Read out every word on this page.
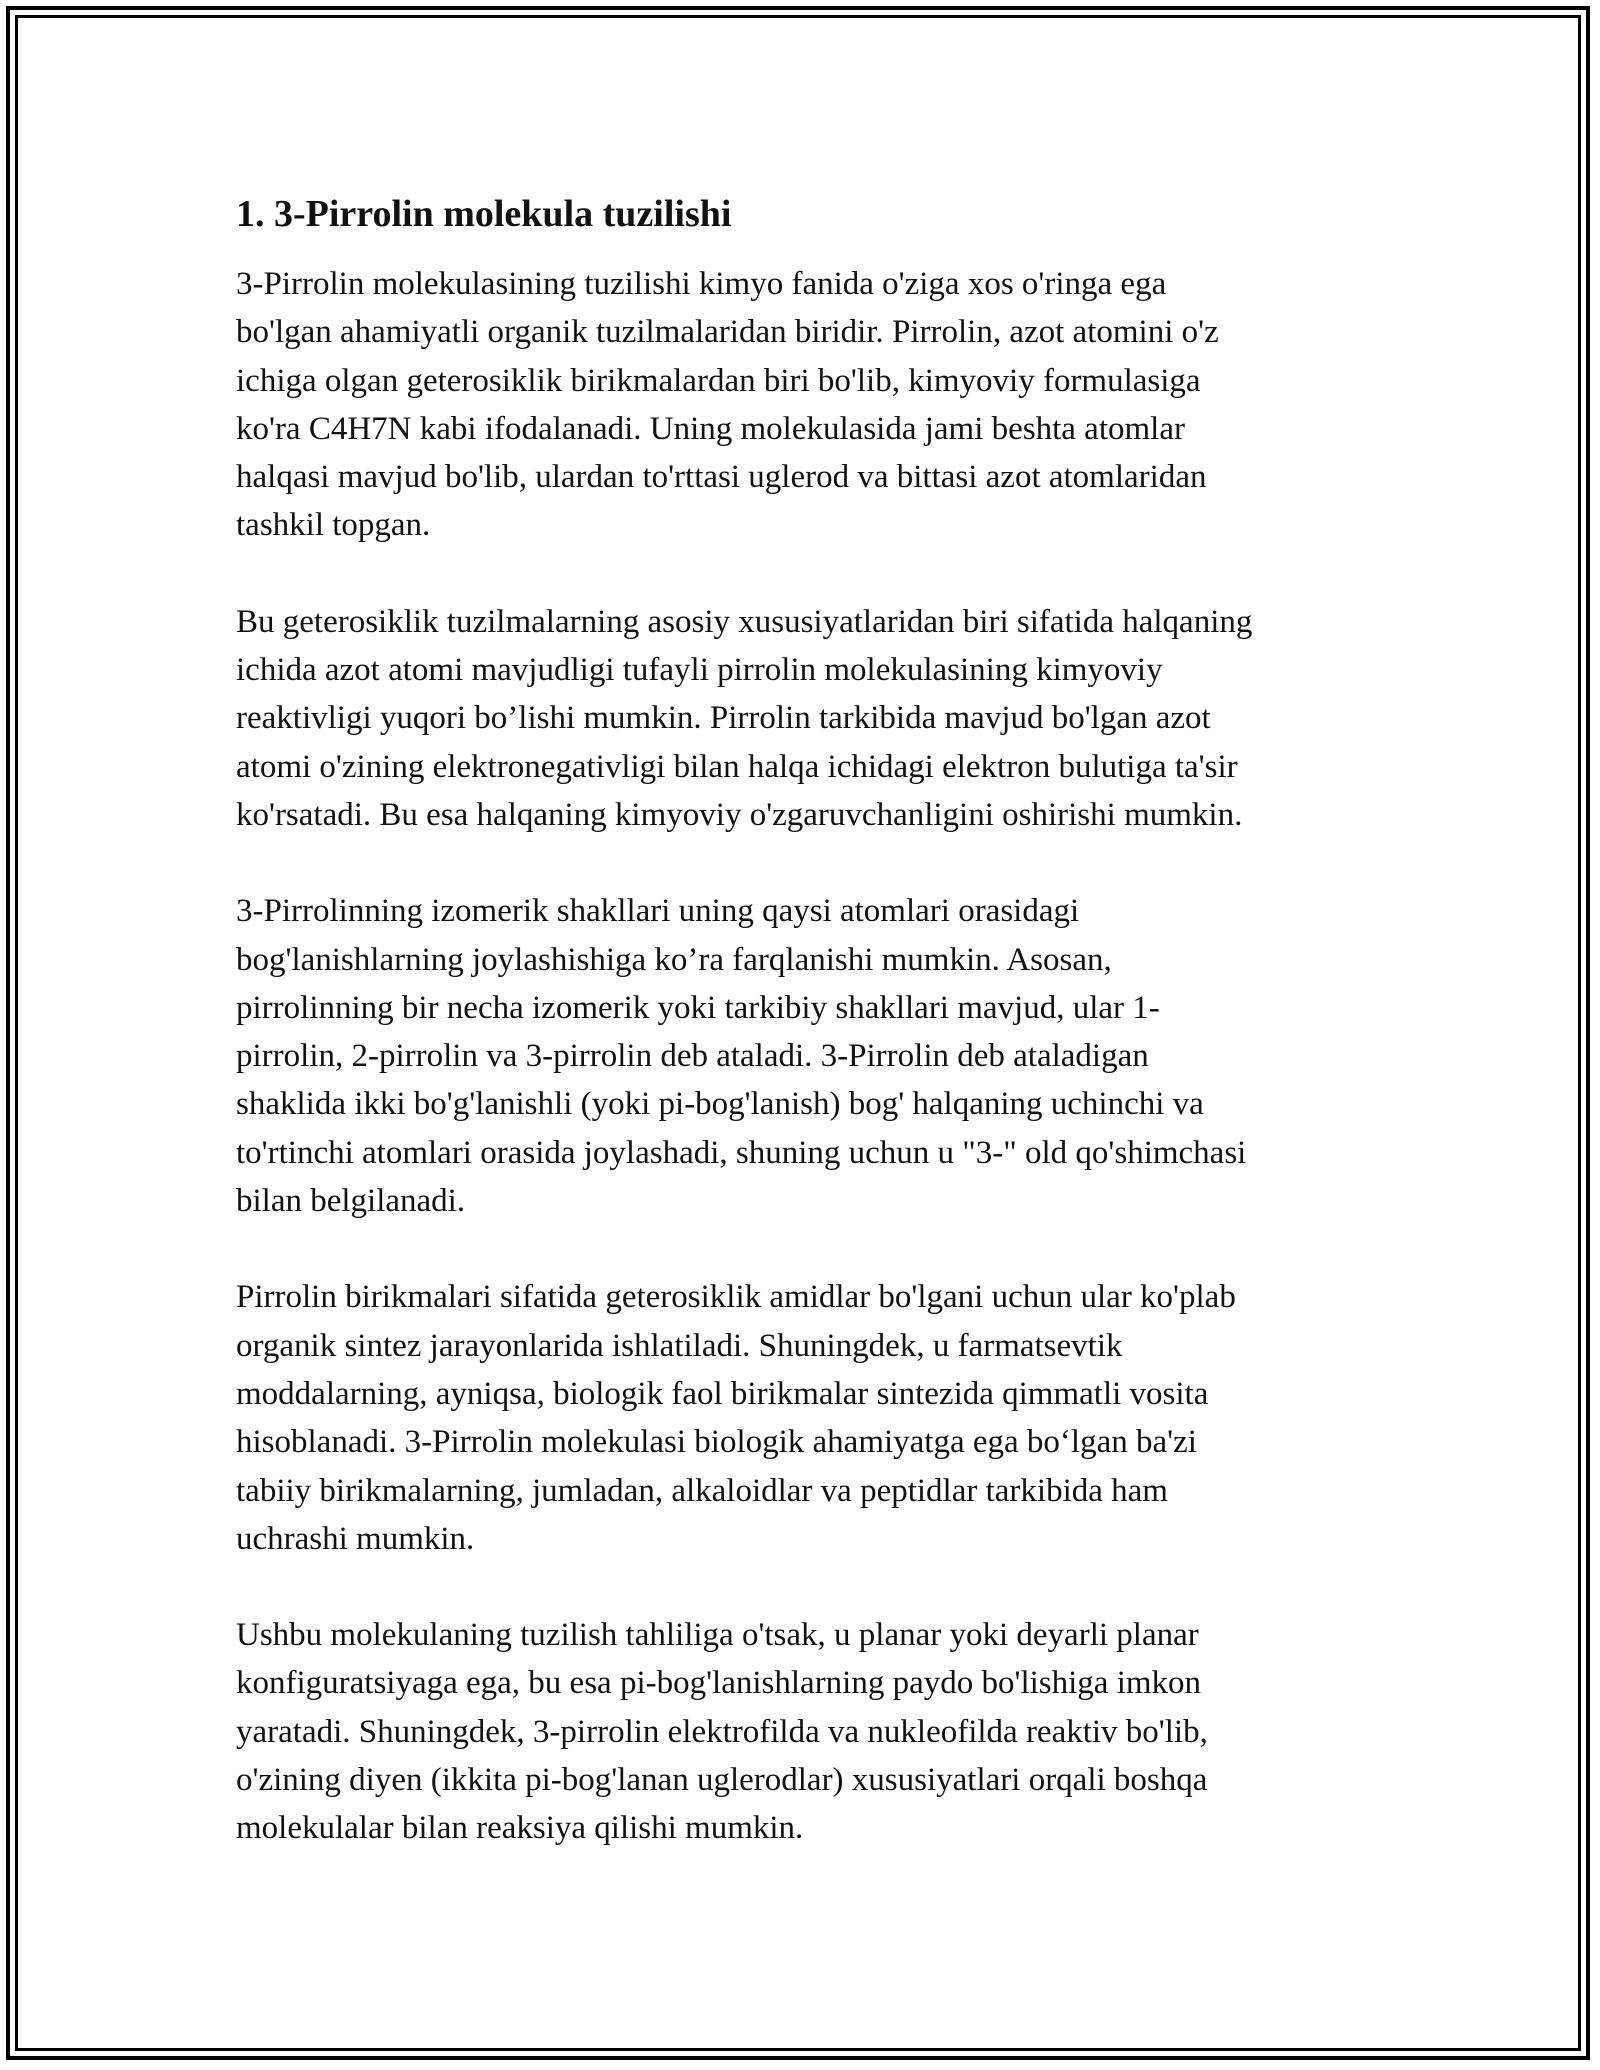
1. 3-Pirrolin molekula tuzilishi

3-Pirrolin molekulasining tuzilishi kimyo fanida o'ziga xos o'ringa ega
bo'lgan ahamiyatli organik tuzilmalaridan biridir. Pirrolin, azot atomini o'z
ichiga olgan geterosiklik birikmalardan biri bo'lib, kimyoviy formulasiga
ko'ra C4H7N kabi ifodalanadi. Uning molekulasida jami beshta atomlar
halqasi mavjud bo'lib, ulardan to'rttasi uglerod va bittasi azot atomlaridan
tashkil topgan.

Bu geterosiklik tuzilmalarning asosiy xususiyatlaridan biri sifatida halqaning
ichida azot atomi mavjudligi tufayli pirrolin molekulasining kimyoviy
reaktivligi yuqori bo’lishi mumkin. Pirrolin tarkibida mavjud bo'lgan azot
atomi o'zining elektronegativligi bilan halqa ichidagi elektron bulutiga ta'sir
ko'rsatadi. Bu esa halqaning kimyoviy o'zgaruvchanligini oshirishi mumkin.

3-Pirrolinning izomerik shakllari uning qaysi atomlari orasidagi
bog'lanishlarning joylashishiga ko’ra farqlanishi mumkin. Asosan,
pirrolinning bir necha izomerik yoki tarkibiy shakllari mavjud, ular 1-
pirrolin, 2-pirrolin va 3-pirrolin deb ataladi. 3-Pirrolin deb ataladigan
shaklida ikki bo'g'lanishli (yoki pi-bog'lanish) bog' halqaning uchinchi va
to'rtinchi atomlari orasida joylashadi, shuning uchun u "3-" old qo'shimchasi
bilan belgilanadi.

Pirrolin birikmalari sifatida geterosiklik amidlar bo'lgani uchun ular ko'plab
organik sintez jarayonlarida ishlatiladi. Shuningdek, u farmatsevtik
moddalarning, ayniqsa, biologik faol birikmalar sintezida qimmatli vosita
hisoblanadi. 3-Pirrolin molekulasi biologik ahamiyatga ega bo‘lgan ba'zi
tabiiy birikmalarning, jumladan, alkaloidlar va peptidlar tarkibida ham
uchrashi mumkin.

Ushbu molekulaning tuzilish tahliliga o'tsak, u planar yoki deyarli planar
konfiguratsiyaga ega, bu esa pi-bog'lanishlarning paydo bo'lishiga imkon
yaratadi. Shuningdek, 3-pirrolin elektrofilda va nukleofilda reaktiv bo'lib,
o'zining diyen (ikkita pi-bog'lanan uglerodlar) xususiyatlari orqali boshqa
molekulalar bilan reaksiya qilishi mumkin.
